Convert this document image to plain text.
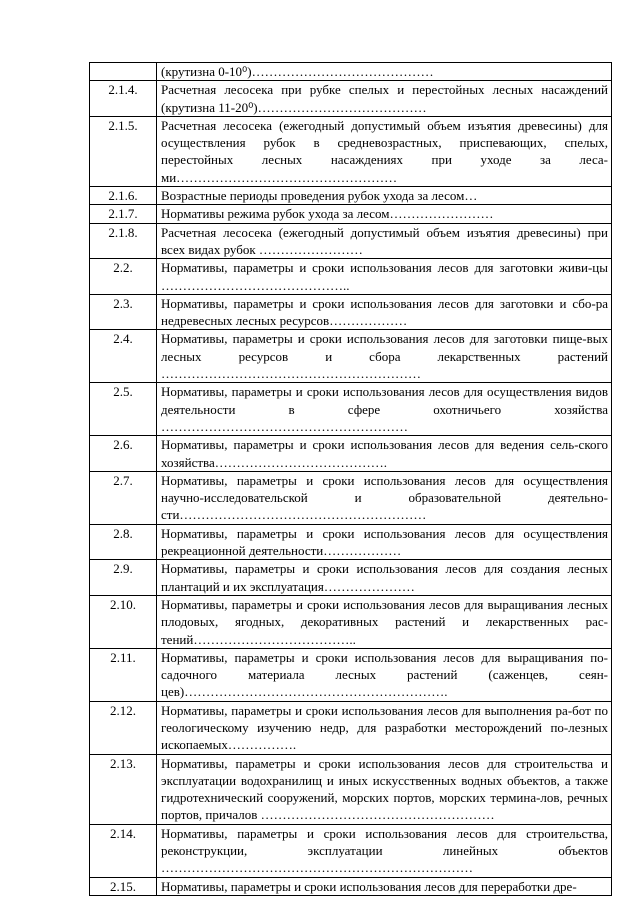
	(крутизна 0-10⁰)……………………………………
2.1.4.	Расчетная лесосека при рубке спелых и перестойных лесных насаждений (крутизна 11-20⁰)…………………………………
2.1.5.	Расчетная лесосека (ежегодный допустимый объем изъятия древесины) для осуществления рубок в средневозрастных, приспевающих, спелых, перестойных лесных насаждениях при уходе за леса-ми……………………………………………
2.1.6.	Возрастные периоды проведения рубок ухода за лесом…
2.1.7.	Нормативы режима рубок ухода за лесом……………………
2.1.8.	Расчетная лесосека (ежегодный допустимый объем изъятия древесины) при всех видах рубок ……………………
2.2.	Нормативы, параметры и сроки использования лесов для заготовки живи-цы ……………………………………..
2.3.	Нормативы, параметры и сроки использования лесов для заготовки и сбо-ра недревесных лесных ресурсов………………
2.4.	Нормативы, параметры и сроки использования лесов для заготовки пище-вых лесных ресурсов и сбора лекарственных растений ……………………………………………………
2.5.	Нормативы, параметры и сроки использования лесов для осуществления видов деятельности в сфере охотничьего хозяйства …………………………………………………
2.6.	Нормативы, параметры и сроки использования лесов для ведения сель-ского хозяйства………………………………….
2.7.	Нормативы, параметры и сроки использования лесов для осуществления научно-исследовательской и образовательной деятельно-сти…………………………………………………
2.8.	Нормативы, параметры и сроки использования лесов для осуществления рекреационной деятельности………………
2.9.	Нормативы, параметры и сроки использования лесов для создания лесных плантаций и их эксплуатация…………………
2.10.	Нормативы, параметры и сроки использования лесов для выращивания лесных плодовых, ягодных, декоративных растений и лекарственных рас-тений………………………………..
2.11.	Нормативы, параметры и сроки использования лесов для выращивания по-садочного материала лесных растений (саженцев, сеян-цев)…………………………………………………….
2.12.	Нормативы, параметры и сроки использования лесов для выполнения ра-бот по геологическому изучению недр, для разработки месторождений по-лезных ископаемых…………….
2.13.	Нормативы, параметры и сроки использования лесов для строительства и эксплуатации водохранилищ и иных искусственных водных объектов, а также гидротехнический сооружений, морских портов, морских термина-лов, речных портов, причалов ………………………………………………
2.14.	Нормативы, параметры и сроки использования лесов для строительства, реконструкции, эксплуатации линейных объектов ………………………………………………………………
2.15.	Нормативы, параметры и сроки использования лесов для переработки дре-
